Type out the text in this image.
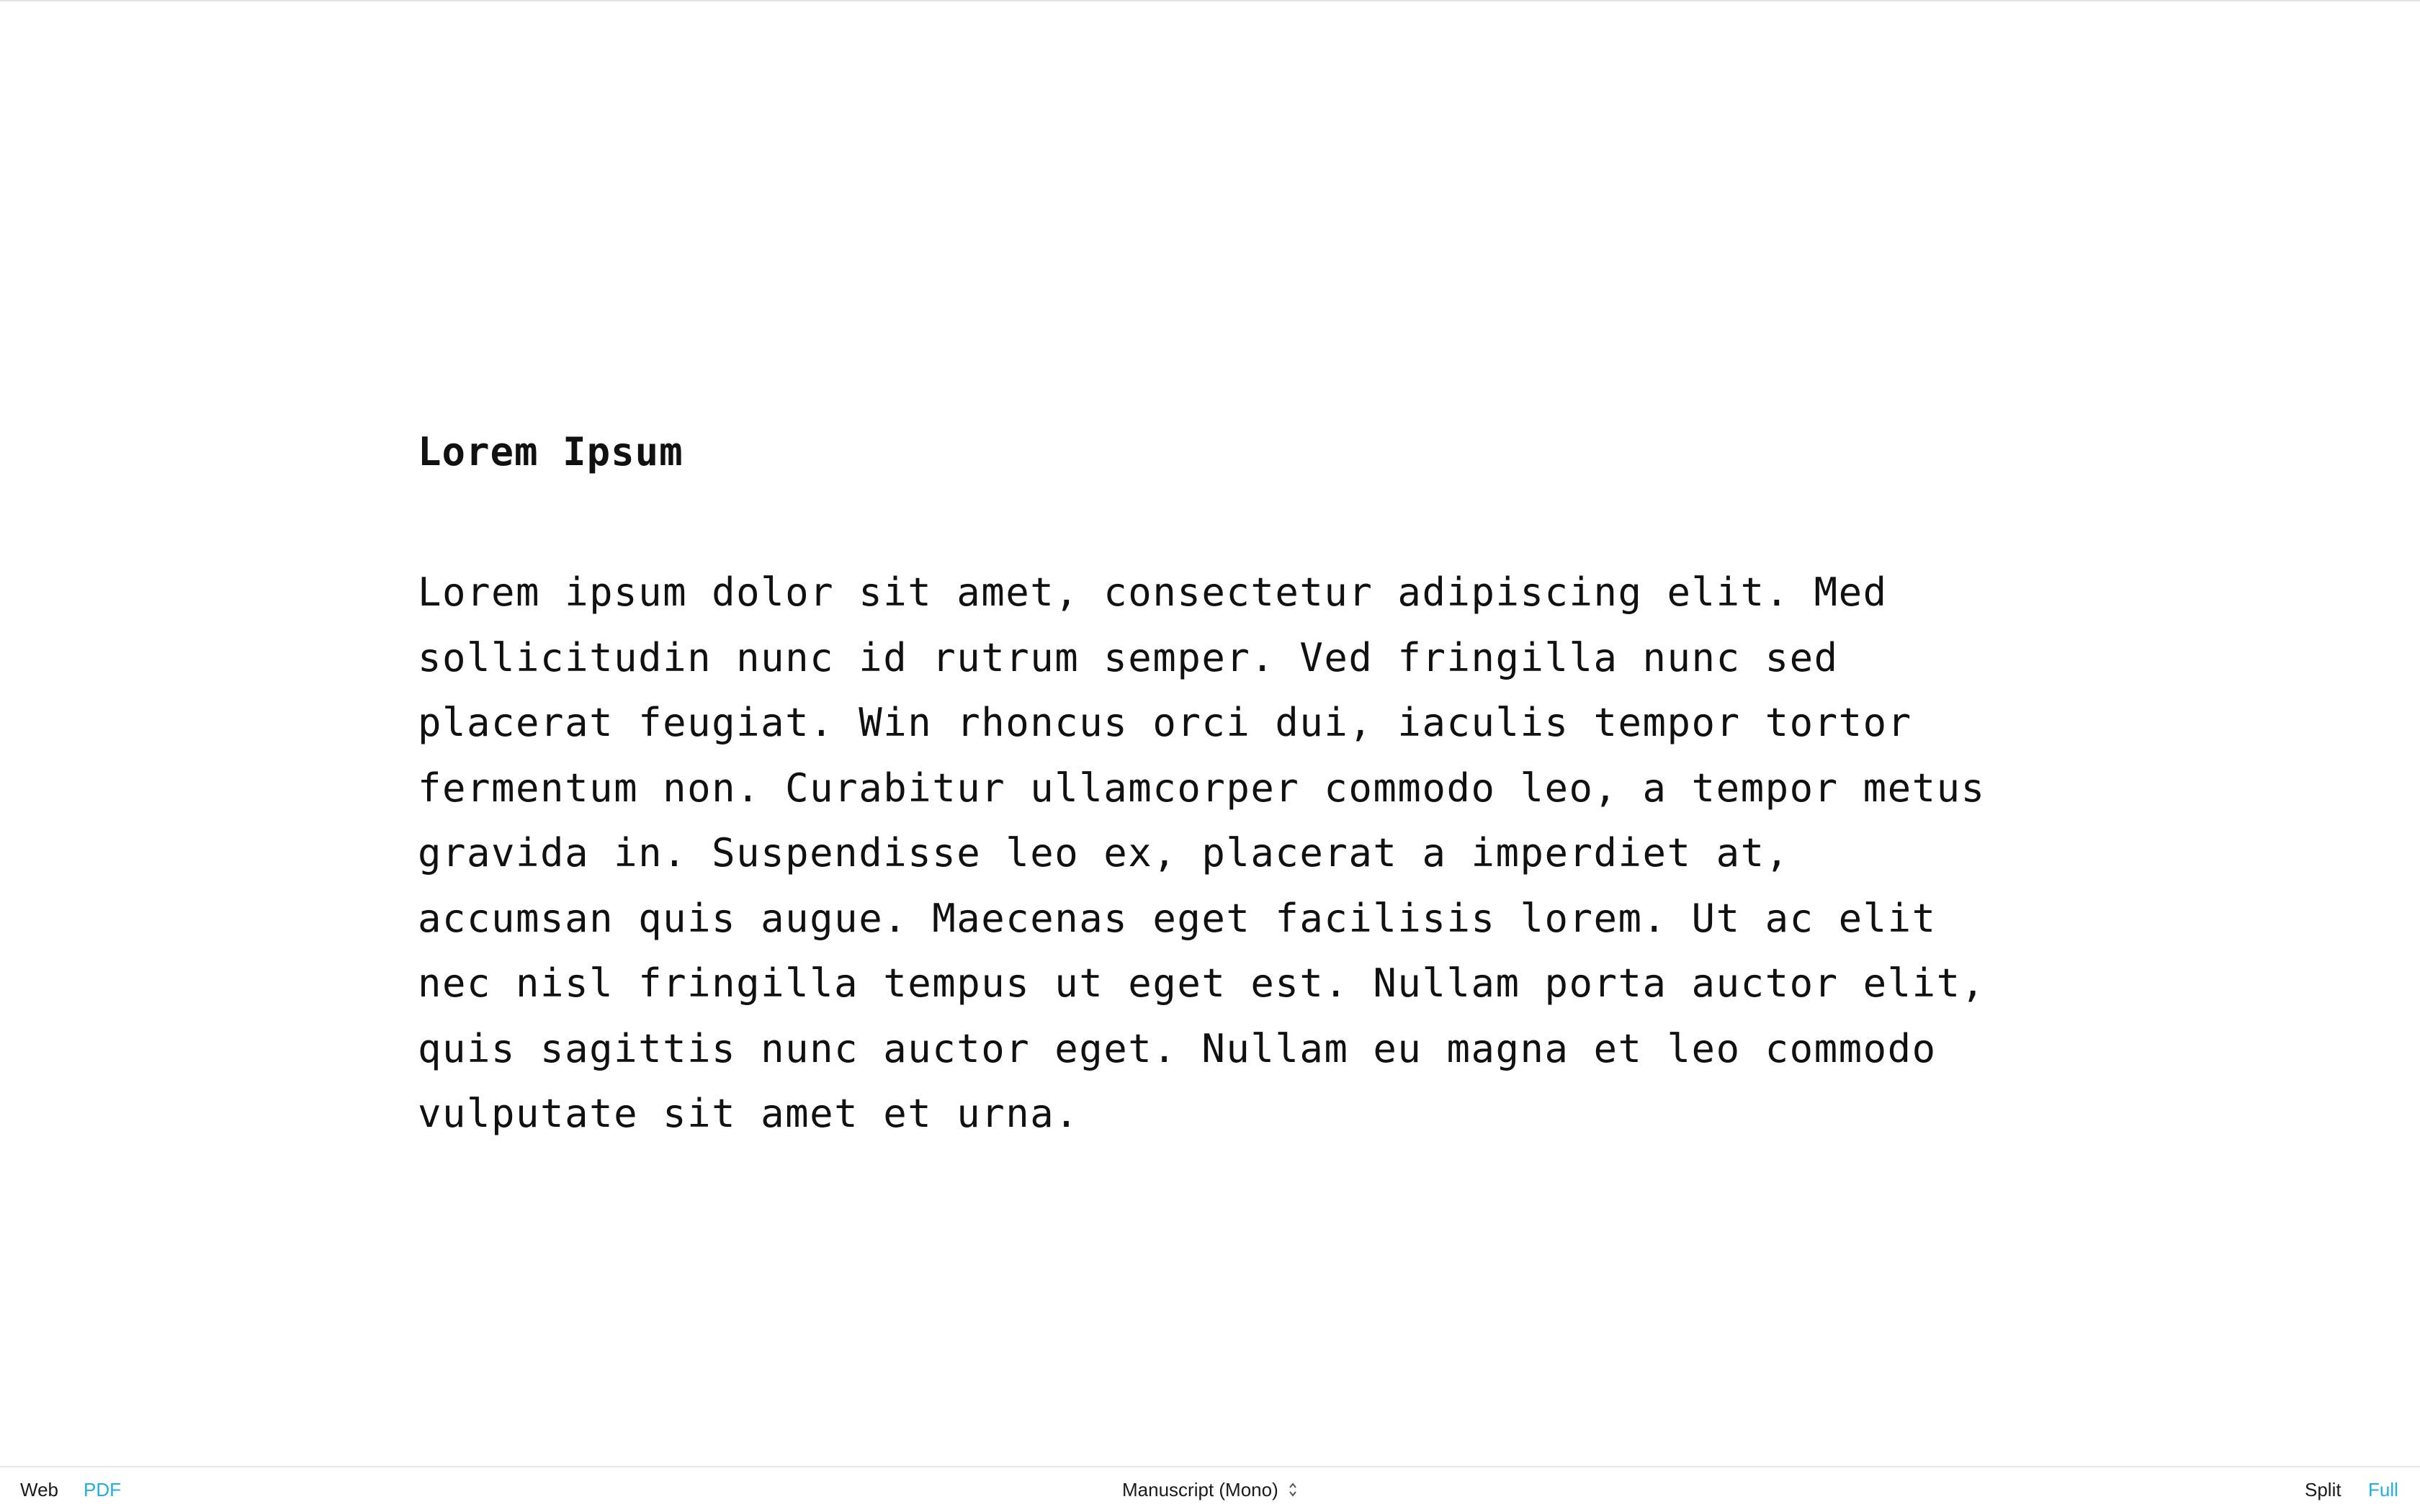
Lorem Ipsum

Lorem ipsum dolor sit amet, consectetur adipiscing elit. Med sollicitudin nunc id rutrum semper. Ved fringilla nunc sed placerat feugiat. Win rhoncus orci dui, iaculis tempor tortor fermentum non. Curabitur ullamcorper commodo leo, a tempor metus gravida in. Suspendisse leo ex, placerat a imperdiet at, accumsan quis augue. Maecenas eget facilisis lorem. Ut ac elit nec nisl fringilla tempus ut eget est. Nullam porta auctor elit, quis sagittis nunc auctor eget. Nullam eu magna et leo commodo vulputate sit amet et urna.

Web PDF	Manuscript (Mono)	Split Full
